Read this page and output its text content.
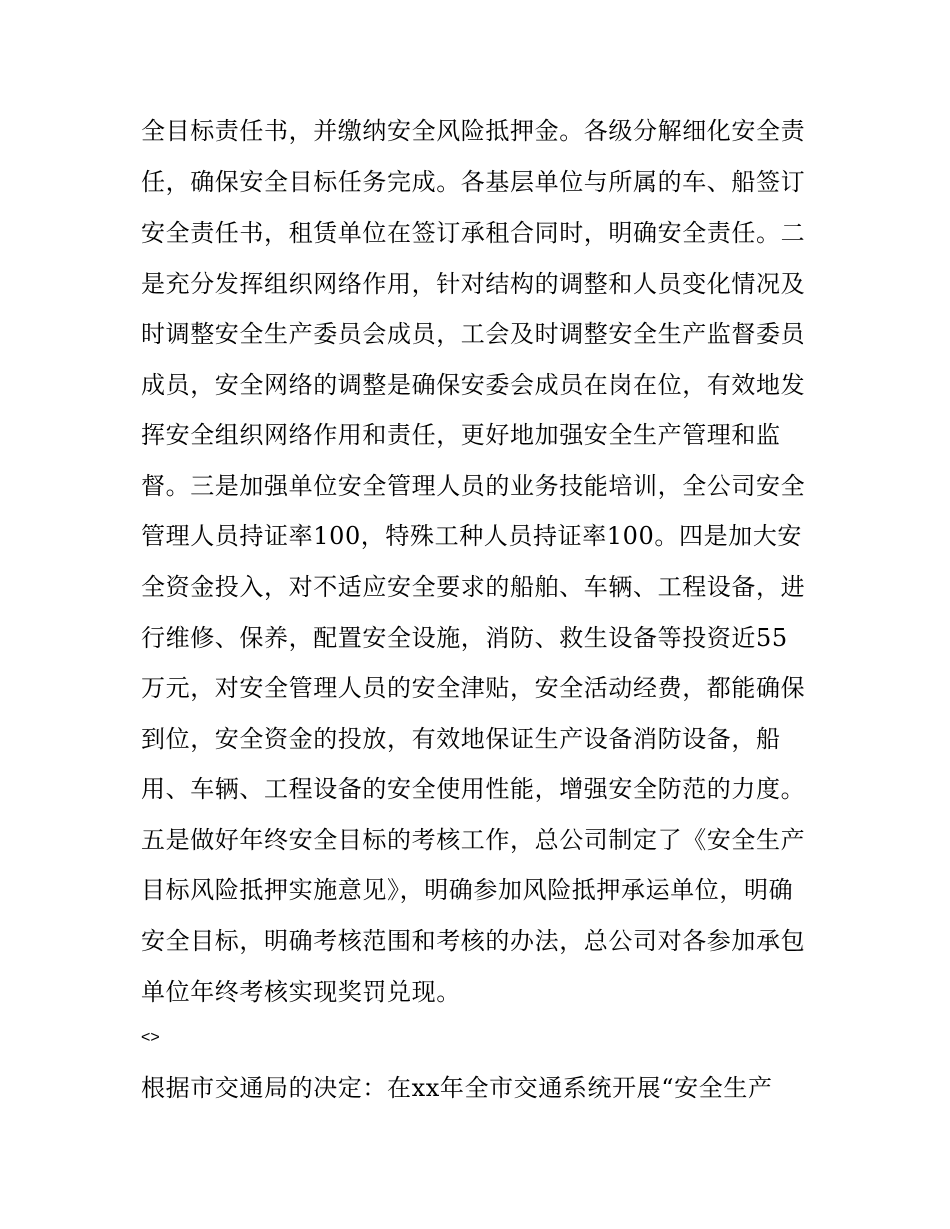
全目标责任书，并缴纳安全风险抵押金。各级分解细化安全责
任，确保安全目标任务完成。各基层单位与所属的车、船签订
安全责任书，租赁单位在签订承租合同时，明确安全责任。二
是充分发挥组织网络作用，针对结构的调整和人员变化情况及
时调整安全生产委员会成员，工会及时调整安全生产监督委员
成员，安全网络的调整是确保安委会成员在岗在位，有效地发
挥安全组织网络作用和责任，更好地加强安全生产管理和监
督。三是加强单位安全管理人员的业务技能培训，全公司安全
管理人员持证率100，特殊工种人员持证率100。四是加大安
全资金投入，对不适应安全要求的船舶、车辆、工程设备，进
行维修、保养，配置安全设施，消防、救生设备等投资近55
万元，对安全管理人员的安全津贴，安全活动经费，都能确保
到位，安全资金的投放，有效地保证生产设备消防设备，船
用、车辆、工程设备的安全使用性能，增强安全防范的力度。
五是做好年终安全目标的考核工作，总公司制定了《安全生产
目标风险抵押实施意见》，明确参加风险抵押承运单位，明确
安全目标，明确考核范围和考核的办法，总公司对各参加承包
单位年终考核实现奖罚兑现。
<>
根据市交通局的决定：在xx年全市交通系统开展“安全生产
